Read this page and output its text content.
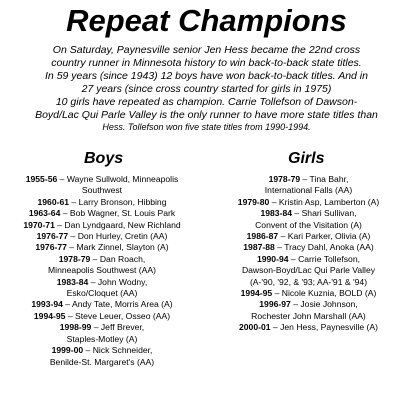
Repeat Champions
On Saturday, Paynesville senior Jen Hess became the 22nd cross
country runner in Minnesota history to win back-to-back state titles.
In 59 years (since 1943) 12 boys have won back-to-back titles. And in
27 years (since cross country started for girls in 1975)
10 girls have repeated as champion. Carrie Tollefson of Dawson-
Boyd/Lac Qui Parle Valley is the only runner to have more state titles than
Hess. Tollefson won five state titles from 1990-1994.
Boys	Girls
1955-56 – Wayne Sullwold, Minneapolis
Southwest
1960-61 – Larry Bronson, Hibbing
1963-64 – Bob Wagner, St. Louis Park
1970-71 – Dan Lyndgaard, New Richland
1976-77 – Don Hurley, Cretin (AA)
1976-77 – Mark Zinnel, Slayton (A)
1978-79 – Dan Roach,
Minneapolis Southwest (AA)
1983-84 – John Wodny,
Esko/Cloquet (AA)
1993-94 – Andy Tate, Morris Area (A)
1994-95 – Steve Leuer, Osseo (AA)
1998-99 – Jeff Brever,
Staples-Motley (A)
1999-00 – Nick Schneider,
Benilde-St. Margaret's (AA)
1978-79 – Tina Bahr,
International Falls (AA)
1979-80 – Kristin Asp, Lamberton (A)
1983-84 – Shari Sullivan,
Convent of the Visitation (A)
1986-87 – Kari Parker, Olivia (A)
1987-88 – Tracy Dahl, Anoka (AA)
1990-94 – Carrie Tollefson,
Dawson-Boyd/Lac Qui Parle Valley
(A-'90, '92, & '93; AA-'91 & '94)
1994-95 – Nicole Kuznia, BOLD (A)
1996-97 – Josie Johnson,
Rochester John Marshall (AA)
2000-01 – Jen Hess, Paynesville (A)
